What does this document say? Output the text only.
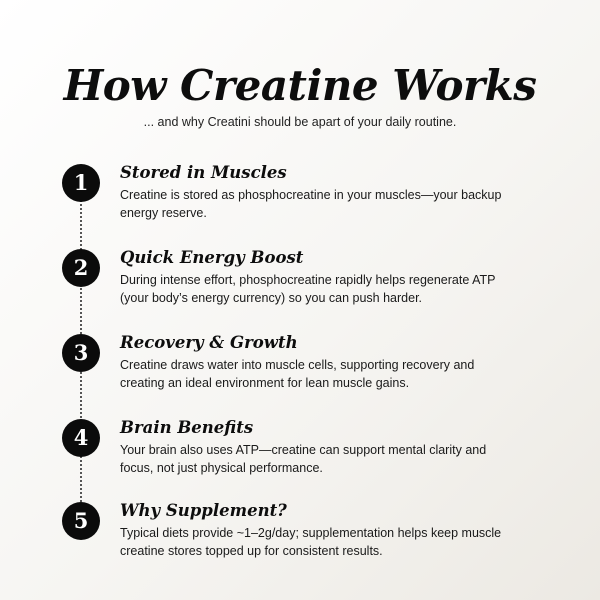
How Creatine Works

... and why Creatini should be apart of your daily routine.

1	Stored in Muscles

Creatine is stored as phosphocreatine in your muscles—your backup energy reserve.

2	Quick Energy Boost

During intense effort, phosphocreatine rapidly helps regenerate ATP (your body’s energy currency) so you can push harder.

3	Recovery & Growth

Creatine draws water into muscle cells, supporting recovery and creating an ideal environment for lean muscle gains.

4	Brain Benefits

Your brain also uses ATP—creatine can support mental clarity and focus, not just physical performance.

5	Why Supplement?

Typical diets provide ~1–2g/day; supplementation helps keep muscle creatine stores topped up for consistent results.
